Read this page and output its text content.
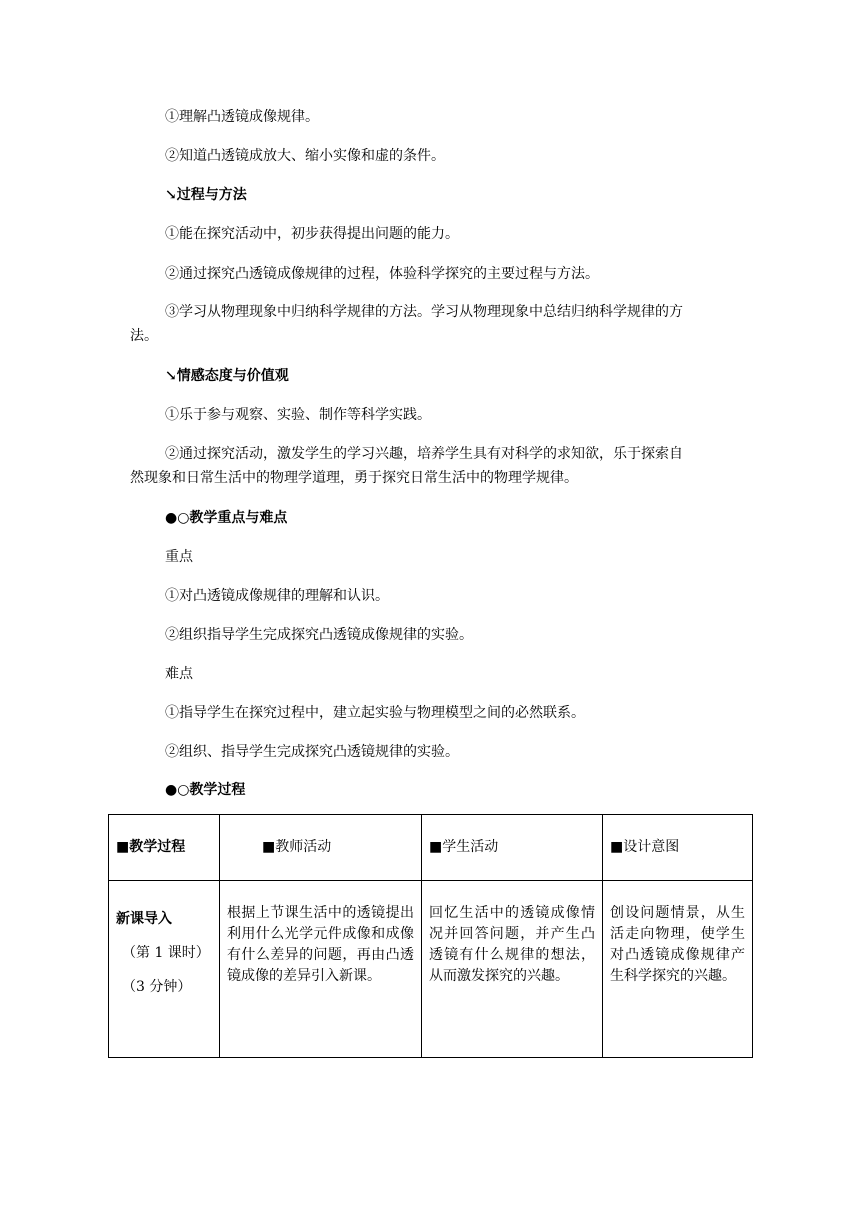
①理解凸透镜成像规律。
②知道凸透镜成放大、缩小实像和虚的条件。
↘过程与方法
①能在探究活动中，初步获得提出问题的能力。
②通过探究凸透镜成像规律的过程，体验科学探究的主要过程与方法。
③学习从物理现象中归纳科学规律的方法。学习从物理现象中总结归纳科学规律的方
法。
↘情感态度与价值观
①乐于参与观察、实验、制作等科学实践。
②通过探究活动，激发学生的学习兴趣，培养学生具有对科学的求知欲，乐于探索自
然现象和日常生活中的物理学道理，勇于探究日常生活中的物理学规律。
●○教学重点与难点
重点
①对凸透镜成像规律的理解和认识。
②组织指导学生完成探究凸透镜成像规律的实验。
难点
①指导学生在探究过程中，建立起实验与物理模型之间的必然联系。
②组织、指导学生完成探究凸透镜规律的实验。
●○教学过程
■教学过程	■教师活动	■学生活动	■设计意图

新课导入
（第 1 课时）
（3 分钟）	根据上节课生活中的透镜提出利用什么光学元件成像和成像有什么差异的问题，再由凸透镜成像的差异引入新课。	回忆生活中的透镜成像情况并回答问题，并产生凸透镜有什么规律的想法，从而激发探究的兴趣。	创设问题情景，从生活走向物理，使学生对凸透镜成像规律产生科学探究的兴趣。
